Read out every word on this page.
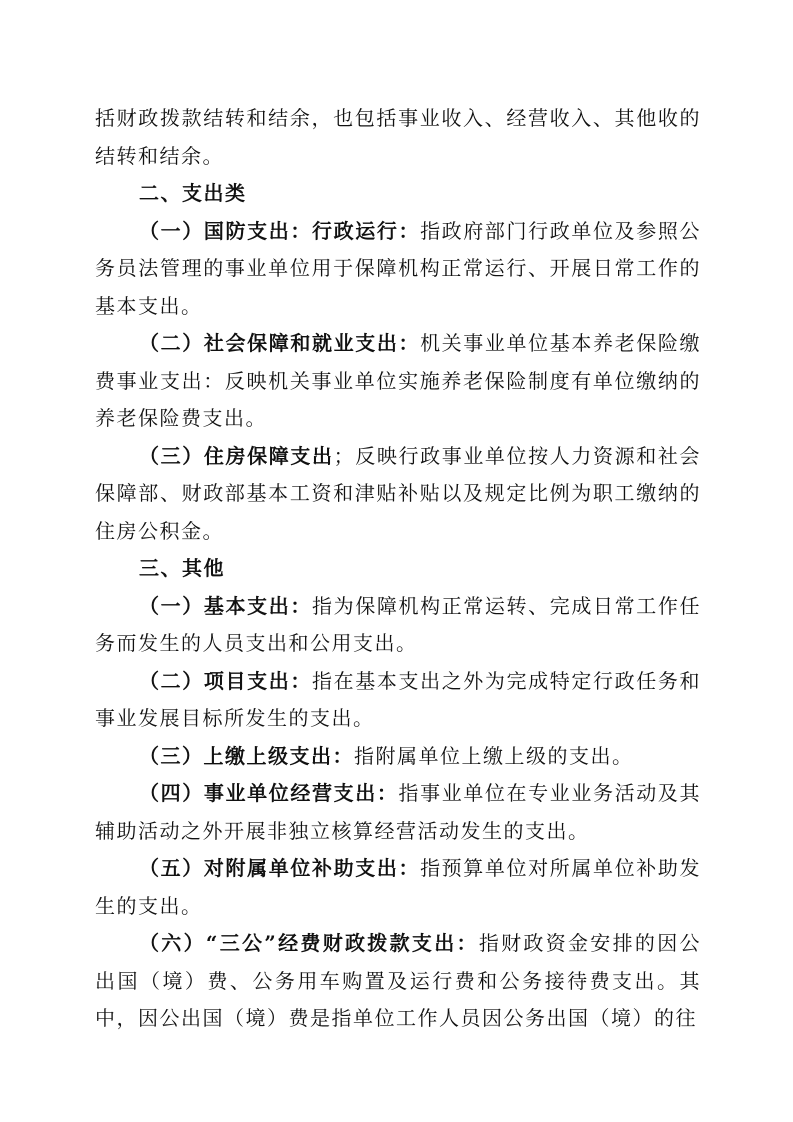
括财政拨款结转和结余，也包括事业收入、经营收入、其他收的结转和结余。

二、支出类

（一）国防支出：行政运行：指政府部门行政单位及参照公务员法管理的事业单位用于保障机构正常运行、开展日常工作的基本支出。

（二）社会保障和就业支出：机关事业单位基本养老保险缴费事业支出：反映机关事业单位实施养老保险制度有单位缴纳的养老保险费支出。

（三）住房保障支出；反映行政事业单位按人力资源和社会保障部、财政部基本工资和津贴补贴以及规定比例为职工缴纳的住房公积金。

三、其他

（一）基本支出：指为保障机构正常运转、完成日常工作任务而发生的人员支出和公用支出。

（二）项目支出：指在基本支出之外为完成特定行政任务和事业发展目标所发生的支出。

（三）上缴上级支出：指附属单位上缴上级的支出。

（四）事业单位经营支出：指事业单位在专业业务活动及其辅助活动之外开展非独立核算经营活动发生的支出。

（五）对附属单位补助支出：指预算单位对所属单位补助发生的支出。

（六）“三公”经费财政拨款支出：指财政资金安排的因公出国（境）费、公务用车购置及运行费和公务接待费支出。其中，因公出国（境）费是指单位工作人员因公务出国（境）的往
